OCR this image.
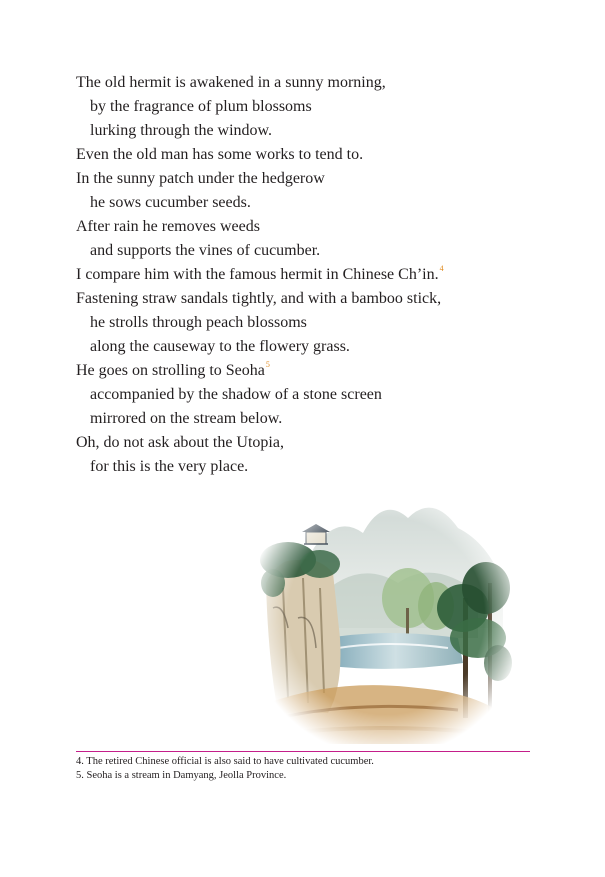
The old hermit is awakened in a sunny morning,
by the fragrance of plum blossoms
lurking through the window.
Even the old man has some works to tend to.
In the sunny patch under the hedgerow
he sows cucumber seeds.
After rain he removes weeds
and supports the vines of cucumber.
I compare him with the famous hermit in Chinese Ch’in.$^4$
Fastening straw sandals tightly, and with a bamboo stick,
he strolls through peach blossoms
along the causeway to the flowery grass.
He goes on strolling to Seoha$^5$
accompanied by the shadow of a stone screen
mirrored on the stream below.
Oh, do not ask about the Utopia,
for this is the very place.
4. The retired Chinese official is also said to have cultivated cucumber.
5. Seoha is a stream in Damyang, Jeolla Province.
